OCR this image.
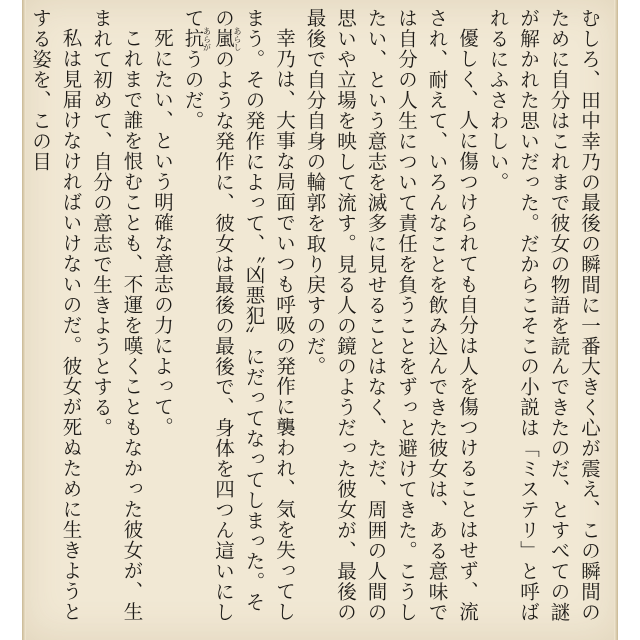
むしろ、田中幸乃の最後の瞬間に一番大きく心が震え、この瞬間のために自分はこれまで彼女の物語を読んできたのだ、とすべての謎が解かれた思いだった。だからこそこの小説は「ミステリ」と呼ばれるにふさわしい。

優しく、人に傷つけられても自分は人を傷つけることはせず、流され、耐えて、いろんなことを飲み込んできた彼女は、ある意味では自分の人生について責任を負うことをずっと避けてきた。こうしたい、という意志を滅多に見せることはなく、ただ、周囲の人間の思いや立場を映して流す。見る人の鏡のようだった彼女が、最後の最後で自分自身の輪郭を取り戻すのだ。

幸乃は、大事な局面でいつも呼吸の発作に襲われ、気を失ってしまう。その発作によって、〝凶悪犯〟にだってなってしまった。その嵐あらしのような発作に、彼女は最後の最後で、身体を四つん這いにして抗あらがうのだ。

死にたい、という明確な意志の力によって。

これまで誰を恨むことも、不運を嘆くこともなかった彼女が、生まれて初めて、自分の意志で生きようとする。

私は見届けなければいけないのだ。彼女が死ぬために生きようとする姿を、この目
